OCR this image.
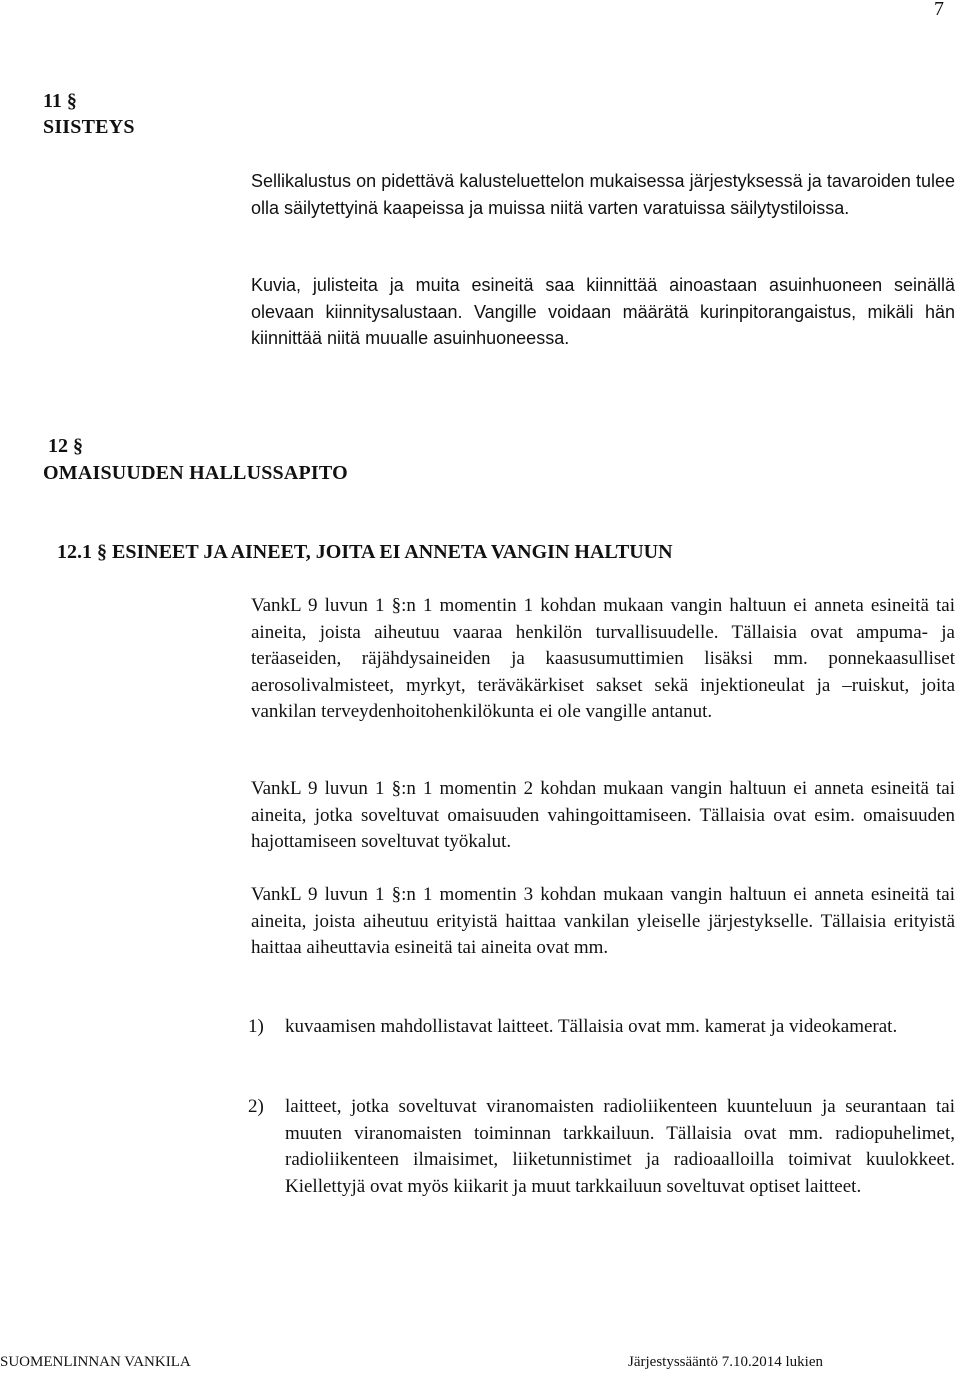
7
11 §
SIISTEYS
Sellikalustus on pidettävä kalusteluettelon mukaisessa järjestyksessä ja tavaroiden tulee olla säilytettyinä kaapeissa ja muissa niitä varten varatuissa säilytystiloissa.
Kuvia, julisteita ja muita esineitä saa kiinnittää ainoastaan asuinhuoneen seinällä olevaan kiinnitysalustaan. Vangille voidaan määrätä kurinpitorangaistus, mikäli hän kiinnittää niitä muualle asuinhuoneessa.
12 §
OMAISUUDEN HALLUSSAPITO
12.1 § ESINEET JA AINEET, JOITA EI ANNETA VANGIN HALTUUN
VankL 9 luvun 1 §:n 1 momentin 1 kohdan mukaan vangin haltuun ei anneta esineitä tai aineita, joista aiheutuu vaaraa henkilön turvallisuudelle. Tällaisia ovat ampuma- ja teräaseiden, räjähdysaineiden ja kaasusumuttimien lisäksi mm. ponnekaasulliset aerosolivalmisteet, myrkyt, teräväkärkiset sakset sekä injektioneulat ja –ruiskut, joita vankilan terveydenhoitohenkilökunta ei ole vangille antanut.
VankL 9 luvun 1 §:n 1 momentin 2 kohdan mukaan vangin haltuun ei anneta esineitä tai aineita, jotka soveltuvat omaisuuden vahingoittamiseen. Tällaisia ovat esim. omaisuuden hajottamiseen soveltuvat työkalut.
VankL 9 luvun 1 §:n 1 momentin 3 kohdan mukaan vangin haltuun ei anneta esineitä tai aineita, joista aiheutuu erityistä haittaa vankilan yleiselle järjestykselle. Tällaisia erityistä haittaa aiheuttavia esineitä tai aineita ovat mm.
1) kuvaamisen mahdollistavat laitteet. Tällaisia ovat mm. kamerat ja videokamerat.
2) laitteet, jotka soveltuvat viranomaisten radioliikenteen kuunteluun ja seurantaan tai muuten viranomaisten toiminnan tarkkailuun. Tällaisia ovat mm. radiopuhelimet, radioliikenteen ilmaisimet, liiketunnistimet ja radioaalloilla toimivat kuulokkeet. Kiellettyjä ovat myös kiikarit ja muut tarkkailuun soveltuvat optiset laitteet.
SUOMENLINNAN VANKILA	Järjestyssääntö 7.10.2014 lukien
